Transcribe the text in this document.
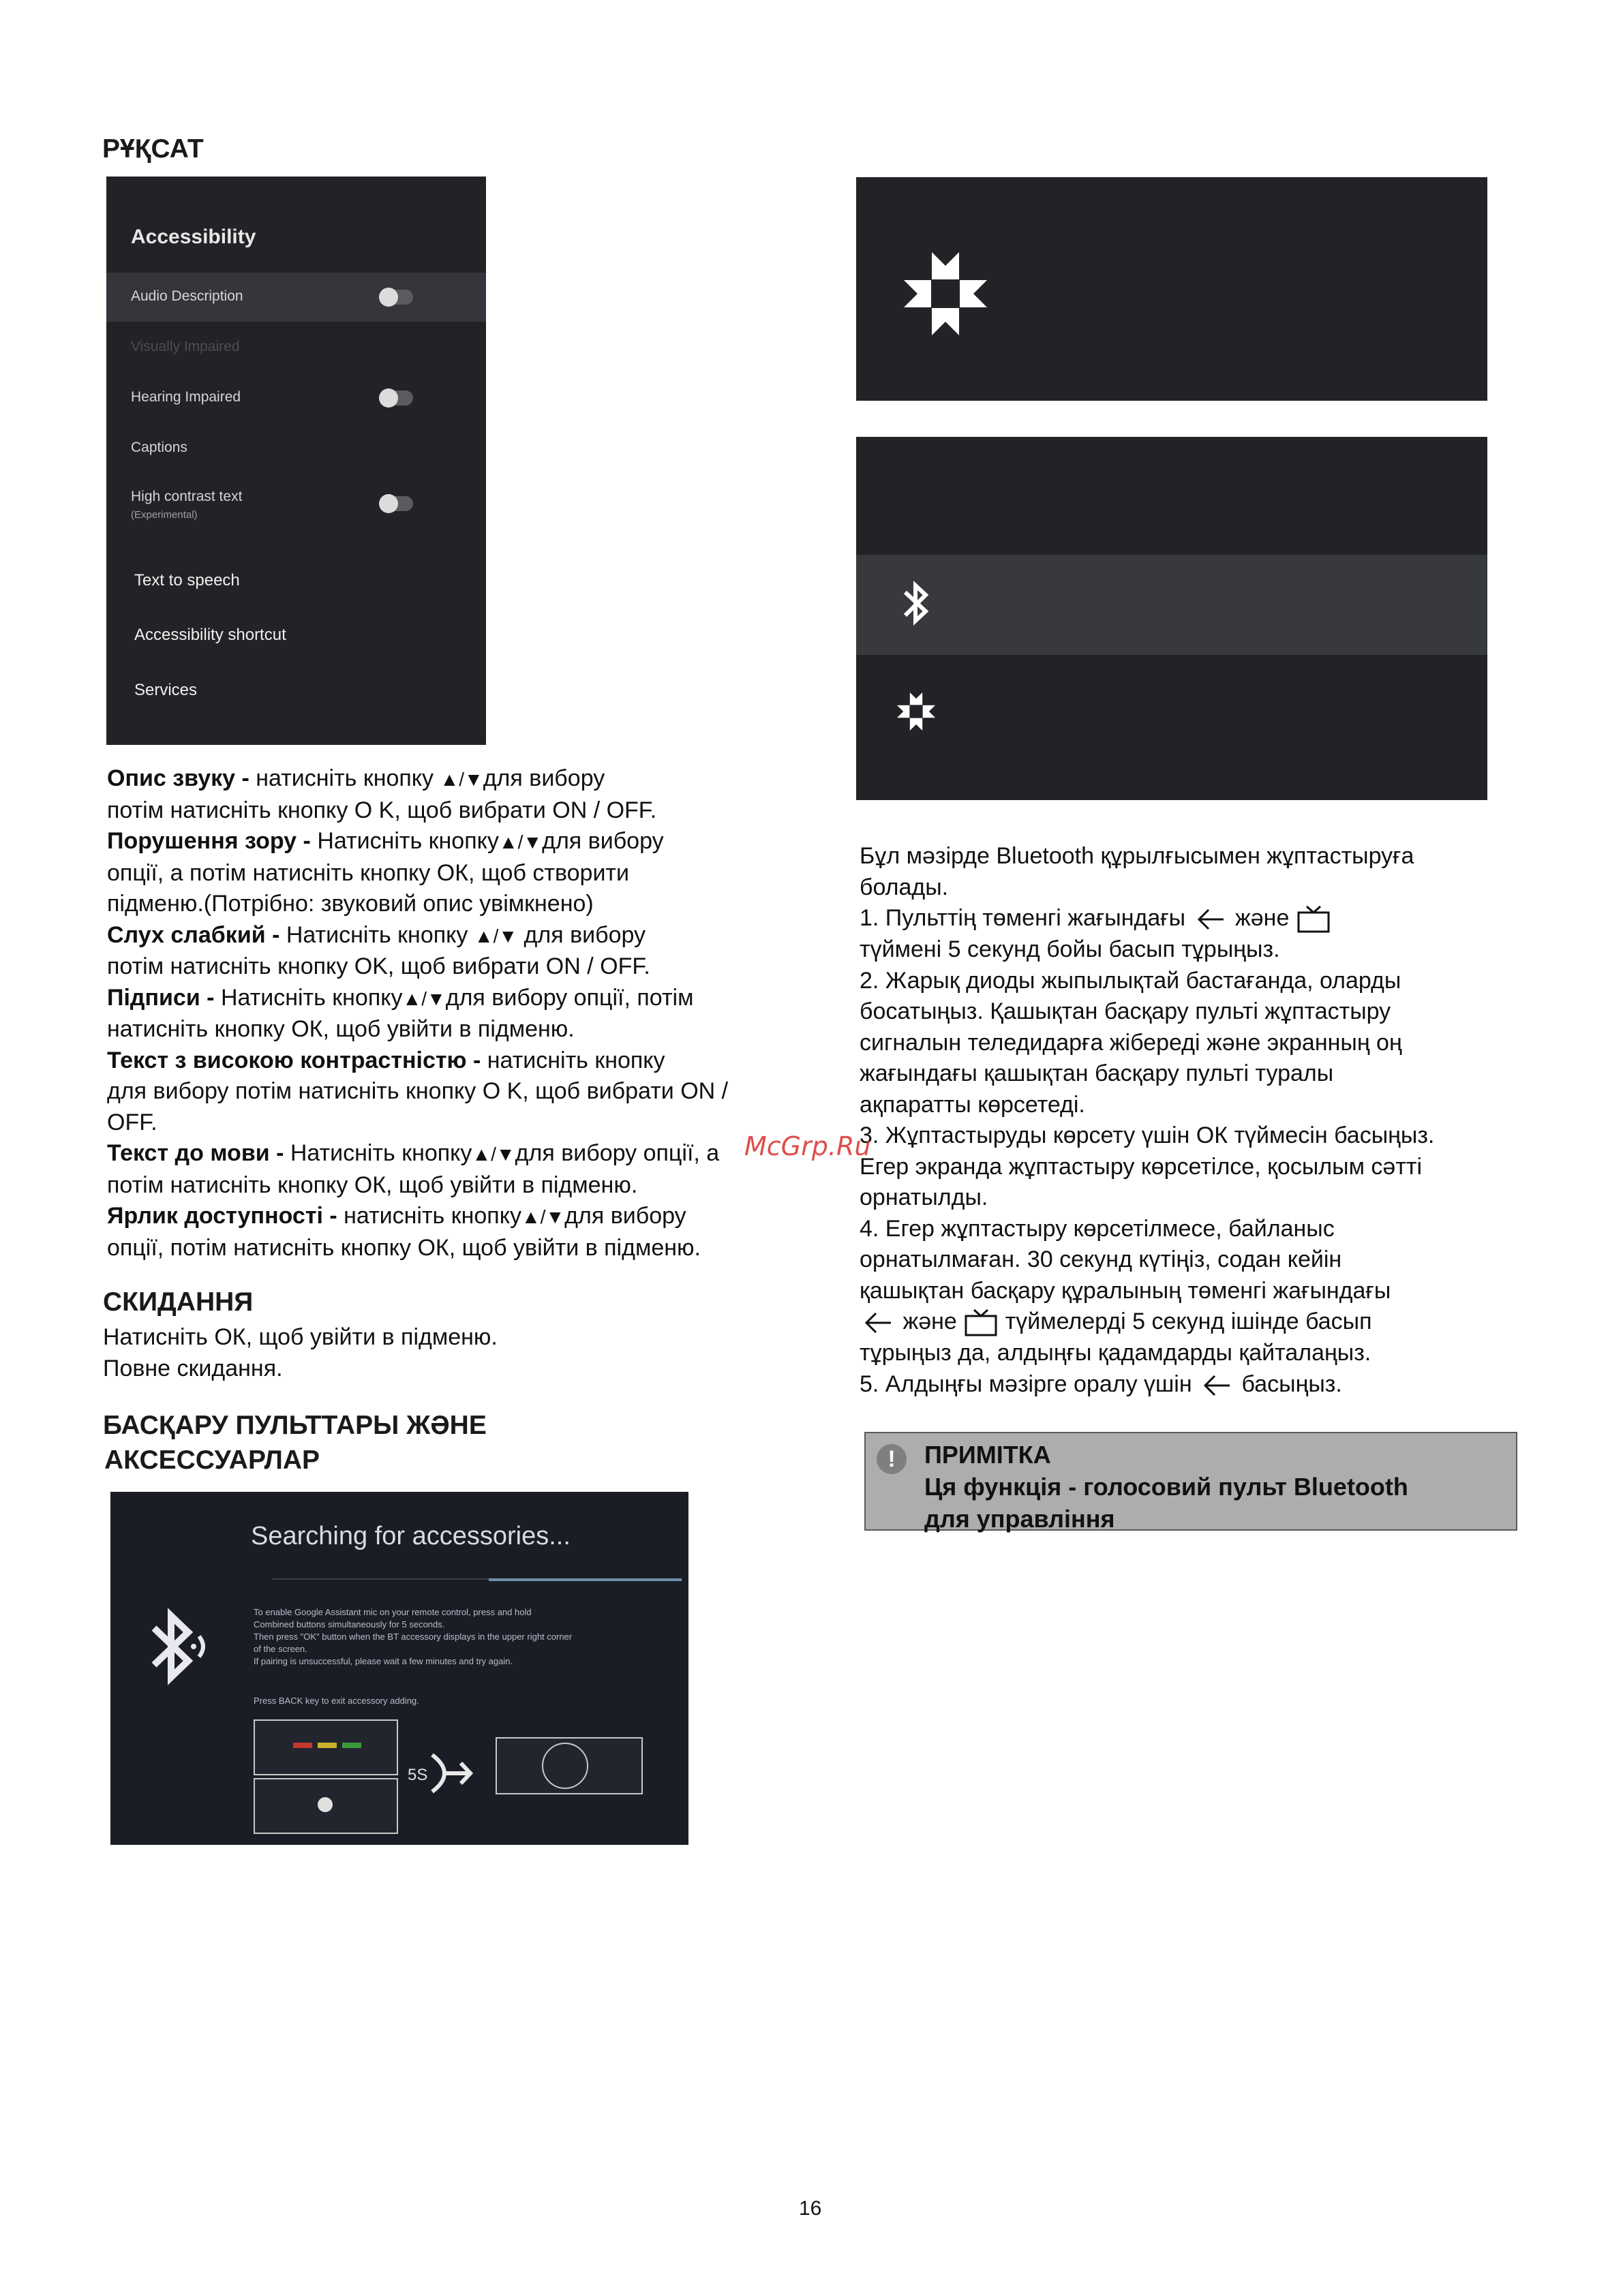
РҰҚСАТ
Accessibility
Audio Description
Visually Impaired
Hearing Impaired
Captions
High contrast text
(Experimental)
Text to speech
Accessibility shortcut
Services

Опис звуку - натисніть кнопку ▲/▼для вибору

потім натисніть кнопку O K, щоб вибрати ON / OFF.

Порушення зору - Натисніть кнопку▲/▼для вибору

опції, а потім натисніть кнопку ОК, щоб створити

підменю.(Потрібно: звуковий опис увімкнено)

Слух слабкий - Натисніть кнопку ▲/▼ для вибору

потім натисніть кнопку OK, щоб вибрати ON / OFF.

Підписи - Натисніть кнопку▲/▼для вибору опції, потім

натисніть кнопку ОК, щоб увійти в підменю.

Текст з високою контрастністю - натисніть кнопку

для вибору потім натисніть кнопку O K, щоб вибрати ON /

OFF.

Текст до мови - Натисніть кнопку▲/▼для вибору опції, а

потім натисніть кнопку ОК, щоб увійти в підменю.

Ярлик доступності - натисніть кнопку▲/▼для вибору

опції, потім натисніть кнопку ОК, щоб увійти в підменю.

СКИДАННЯ

Натисніть ОК, щоб увійти в підменю.

Повне скидання.

БАСҚАРУ ПУЛЬТТАРЫ ЖӘНЕ
АКСЕССУАРЛАР
Searching for accessories...
To enable Google Assistant mic on your remote control, press and hold
Combined buttons simultaneously for 5 seconds.
Then press "OK" button when the BT accessory displays in the upper right corner
of the screen.
If pairing is unsuccessful, please wait a few minutes and try again.
Press BACK key to exit accessory adding.
5S

Бұл мәзірде Bluetooth құрылғысымен жұптастыруға

болады.

1. Пульттің төменгі жағындағы және

түймені 5 секунд бойы басып тұрыңыз.

2. Жарық диоды жыпылықтай бастағанда, оларды

босатыңыз. Қашықтан басқару пульті жұптастыру

сигналын теледидарға жібереді және экранның оң

жағындағы қашықтан басқару пульті туралы

ақпаратты көрсетеді.

3. Жұптастыруды көрсету үшін ОК түймесін басыңыз.

Егер экранда жұптастыру көрсетілсе, қосылым сәтті

орнатылды.

4. Егер жұптастыру көрсетілмесе, байланыс

орнатылмаған. 30 секунд күтіңіз, содан кейін

қашықтан басқару құралының төменгі жағындағы

және түймелерді 5 секунд ішінде басып

тұрыңыз да, алдыңғы қадамдарды қайталаңыз.

5. Алдыңғы мәзірге оралу үшін басыңыз.

!	ПРИМІТКА
Ця функція - голосовий пульт Bluetooth
для управління
McGrp.Ru
16
